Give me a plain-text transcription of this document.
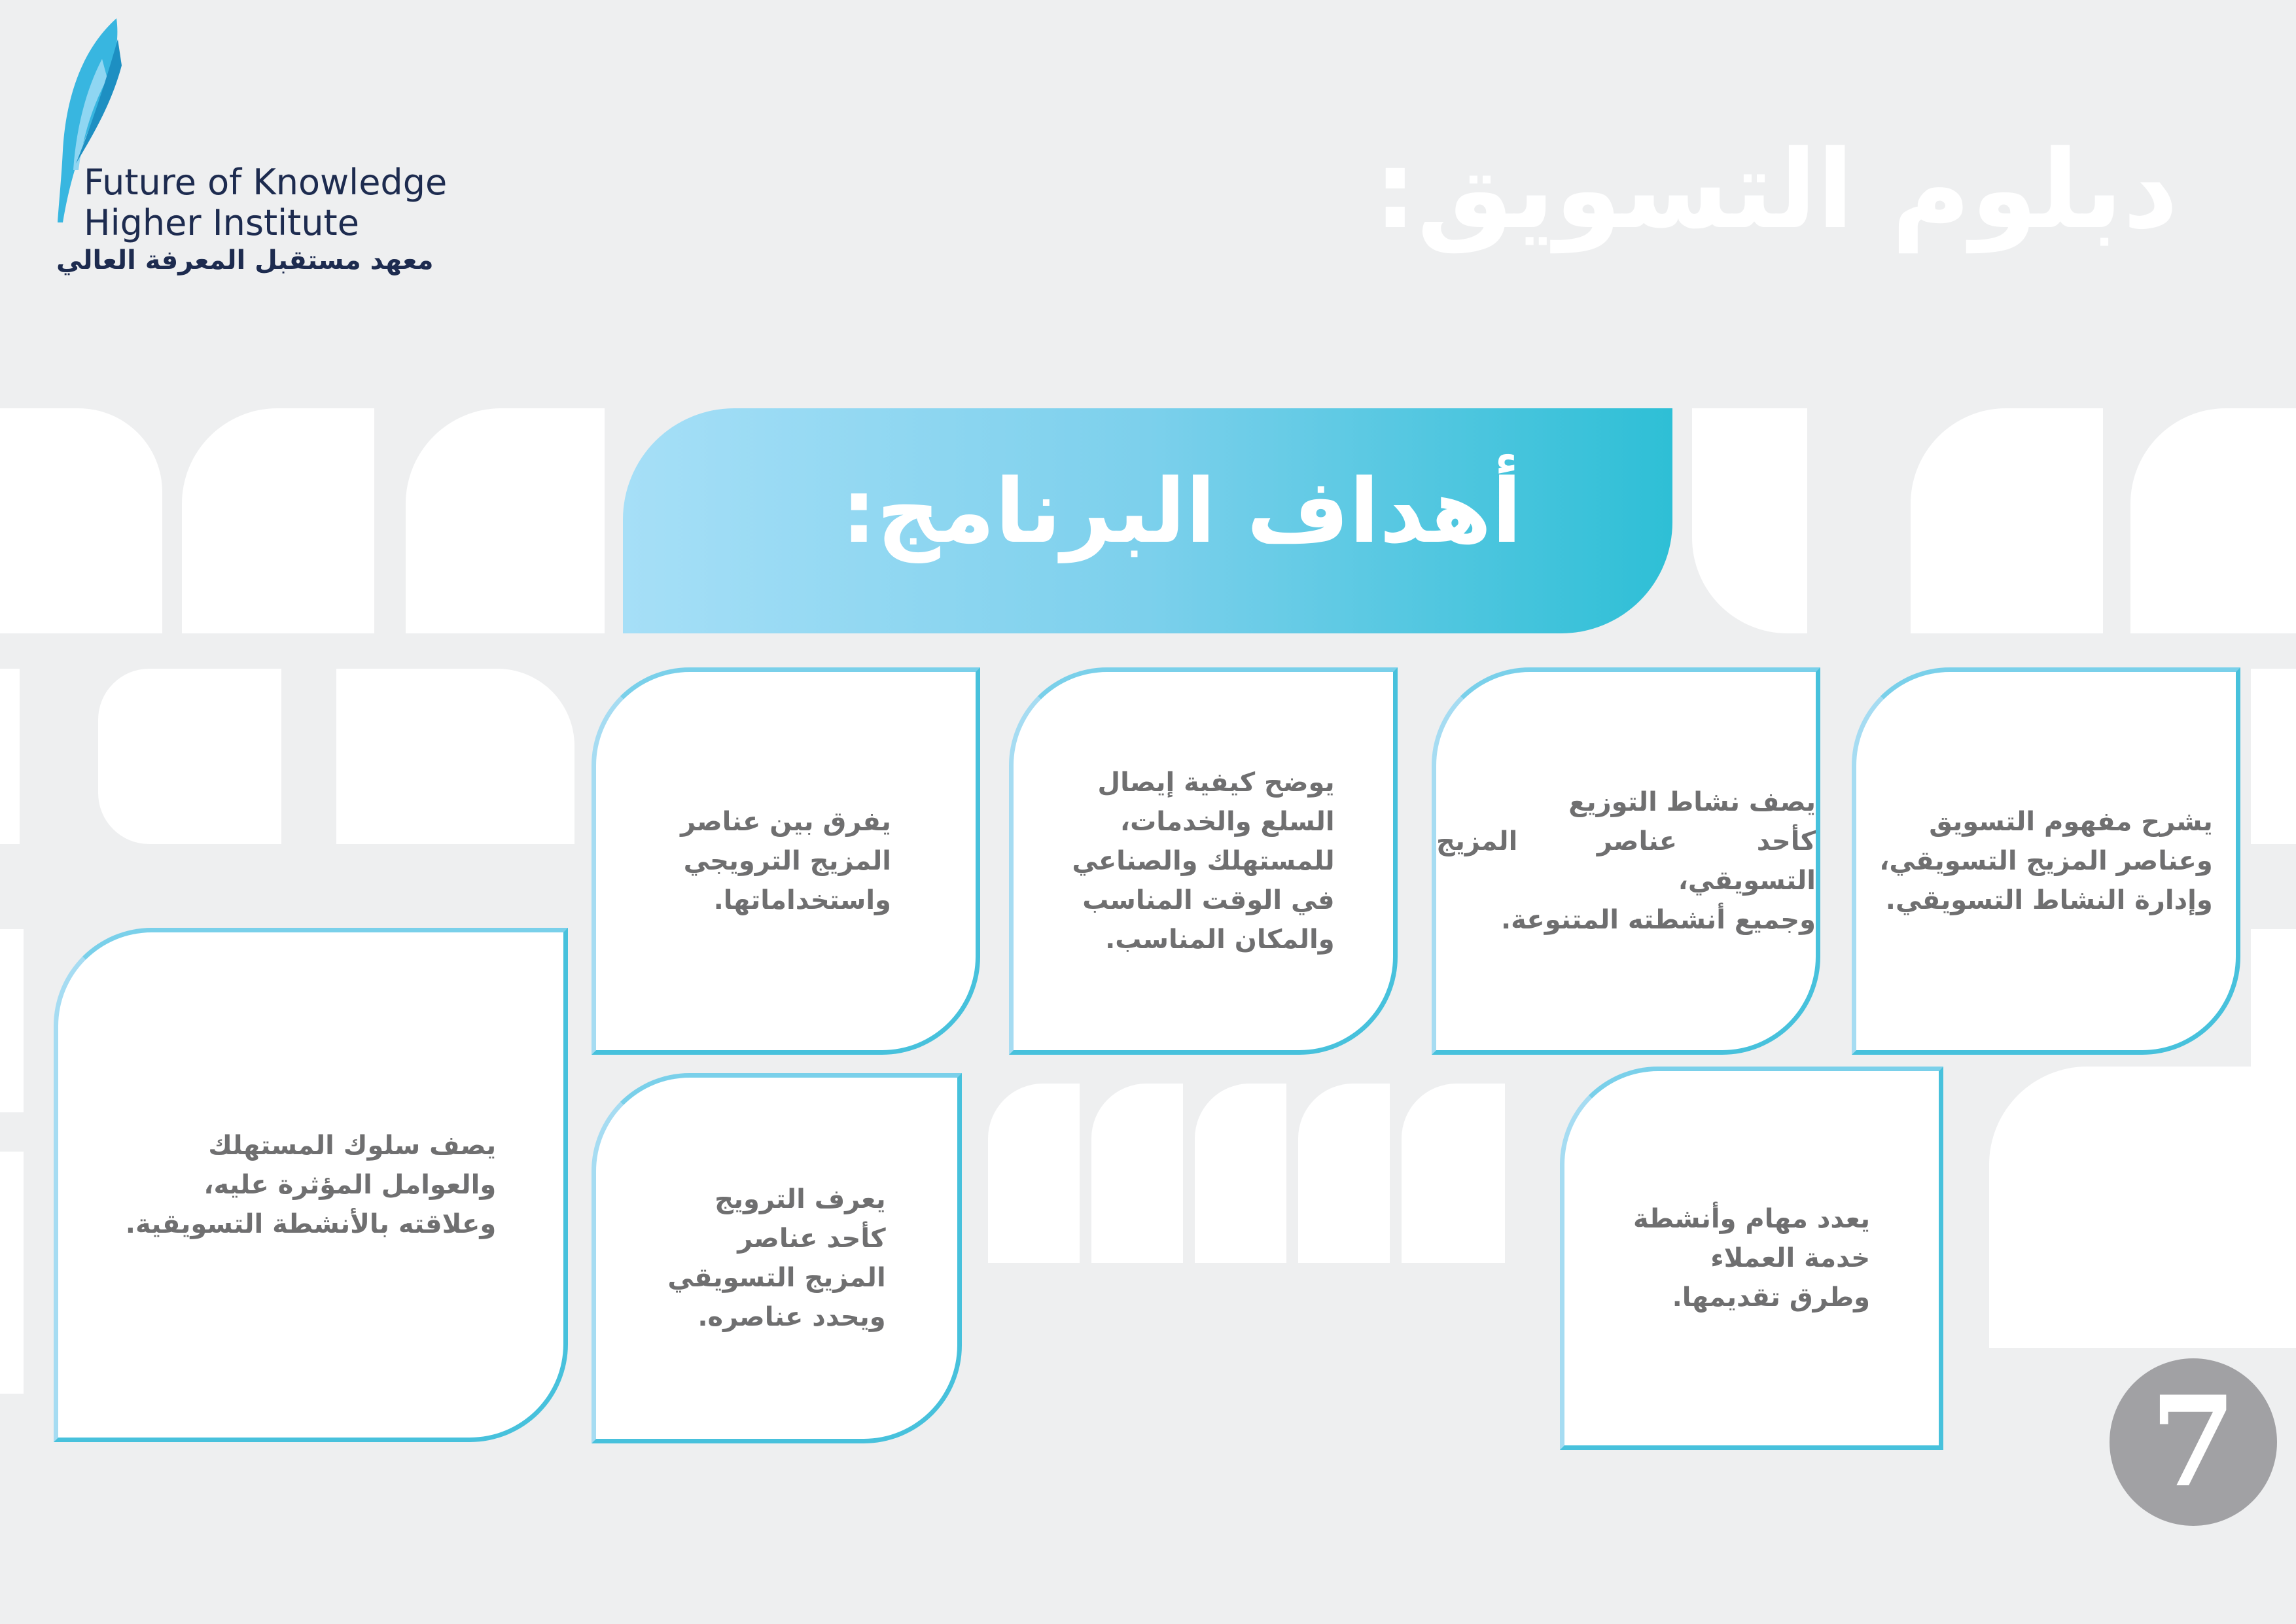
Future of Knowledge
Higher Institute
معهد مستقبل المعرفة العالي
دبلوم التسويق:
أهداف البرنامج:
يشرح مفهوم التسويق
وعناصر المزيج التسويقي،
وإدارة النشاط التسويقي.
يصف نشاط التوزيع
كأحد عناصر المزيج التسويقي،
وجميع أنشطته المتنوعة.
يوضح كيفية إيصال
السلع والخدمات،
للمستهلك والصناعي
في الوقت المناسب
والمكان المناسب.
يفرق بين عناصر
المزيج الترويجي
واستخداماتها.
يعدد مهام وأنشطة
خدمة العملاء
وطرق تقديمها.
يعرف الترويج
كأحد عناصر
المزيج التسويقي
ويحدد عناصره.
يصف سلوك المستهلك
والعوامل المؤثرة عليه،
وعلاقته بالأنشطة التسويقية.
7
